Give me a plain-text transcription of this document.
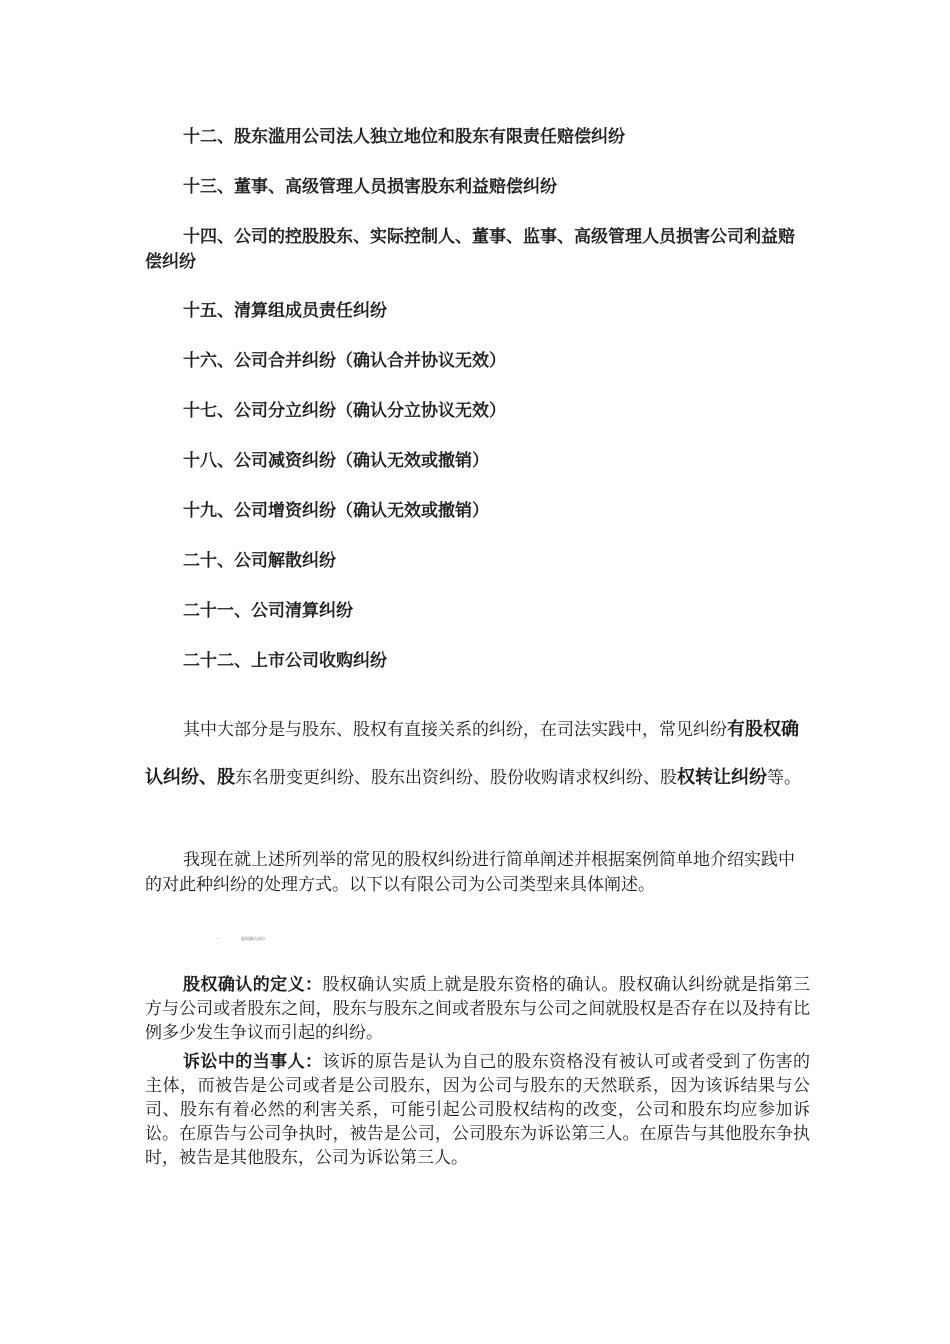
十二、股东滥用公司法人独立地位和股东有限责任赔偿纠纷

十三、董事、高级管理人员损害股东利益赔偿纠纷

十四、公司的控股股东、实际控制人、董事、监事、高级管理人员损害公司利益赔偿纠纷

十五、清算组成员责任纠纷

十六、公司合并纠纷（确认合并协议无效）

十七、公司分立纠纷（确认分立协议无效）

十八、公司减资纠纷（确认无效或撤销）

十九、公司增资纠纷（确认无效或撤销）

二十、公司解散纠纷

二十一、公司清算纠纷

二十二、上市公司收购纠纷

其中大部分是与股东、股权有直接关系的纠纷，在司法实践中，常见纠纷有股权确认纠纷、股东名册变更纠纷、股东出资纠纷、股份收购请求权纠纷、股权转让纠纷等。

我现在就上述所列举的常见的股权纠纷进行简单阐述并根据案例简单地介绍实践中的对此种纠纷的处理方式。以下以有限公司为公司类型来具体阐述。

一	股权确认纠纷

股权确认的定义：股权确认实质上就是股东资格的确认。股权确认纠纷就是指第三方与公司或者股东之间，股东与股东之间或者股东与公司之间就股权是否存在以及持有比例多少发生争议而引起的纠纷。

诉讼中的当事人：该诉的原告是认为自己的股东资格没有被认可或者受到了伤害的主体，而被告是公司或者是公司股东，因为公司与股东的天然联系，因为该诉结果与公司、股东有着必然的利害关系，可能引起公司股权结构的改变，公司和股东均应参加诉讼。在原告与公司争执时，被告是公司，公司股东为诉讼第三人。在原告与其他股东争执时，被告是其他股东，公司为诉讼第三人。
